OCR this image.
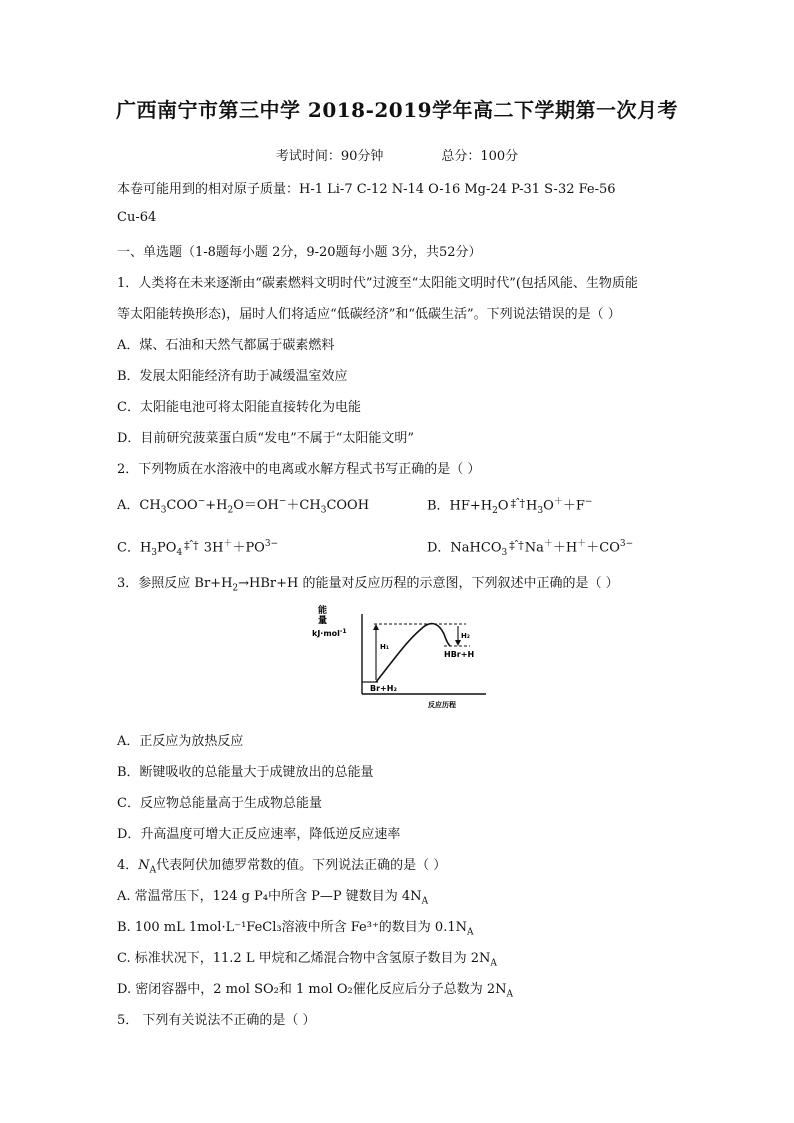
广西南宁市第三中学 2018-2019学年高二下学期第一次月考
考试时间：90分钟	总分：100分
本卷可能用到的相对原子质量：H-1 Li-7 C-12 N-14 O-16 Mg-24 P-31 S-32 Fe-56
Cu-64
一、单选题（1-8题每小题 2分，9-20题每小题 3分，共52分）
1．人类将在未来逐渐由“碳素燃料文明时代”过渡至“太阳能文明时代”(包括风能、生物质能
等太阳能转换形态)，届时人们将适应“低碳经济”和“低碳生活”。下列说法错误的是（ ）
A．煤、石油和天然气都属于碳素燃料
B．发展太阳能经济有助于减缓温室效应
C．太阳能电池可将太阳能直接转化为电能
D．目前研究菠菜蛋白质“发电”不属于“太阳能文明”
2．下列物质在水溶液中的电离或水解方程式书写正确的是（ ）
A．$CH_3COO^-+H_2O=OH^-+CH_3COOH$	B．$HF+H_2O$ ‡ˆ† $H_3O^++F^-$
C．$H_3PO_4\ddagger ˆ\dagger$ $3H^++PO^{3-}$	D．NaHCO$_3$‡ˆ† $Na^++H^++CO^{3-}$
3．参照反应 $Br+H_2\to HBr+H$ 的能量对反应历程的示意图，下列叙述中正确的是（ ）
能
量
kJ·mol$^{-1}$
H₁
H₂
HBr+H
Br+H₂
反应历程
A．正反应为放热反应
B．断键吸收的总能量大于成键放出的总能量
C．反应物总能量高于生成物总能量
D．升高温度可增大正反应速率，降低逆反应速率
4．$N_A$代表阿伏加德罗常数的值。下列说法正确的是（ ）
A. 常温常压下，124 g P₄中所含 P—P 键数目为 $4N_A$
B. 100 mL 1mol·L⁻¹FeCl₃溶液中所含 Fe³⁺的数目为 $0.1N_A$
C. 标准状况下，11.2 L 甲烷和乙烯混合物中含氢原子数目为 $2N_A$
D. 密闭容器中，2 mol SO₂和 1 mol O₂催化反应后分子总数为 $2N_A$
5． 下列有关说法不正确的是（ ）
